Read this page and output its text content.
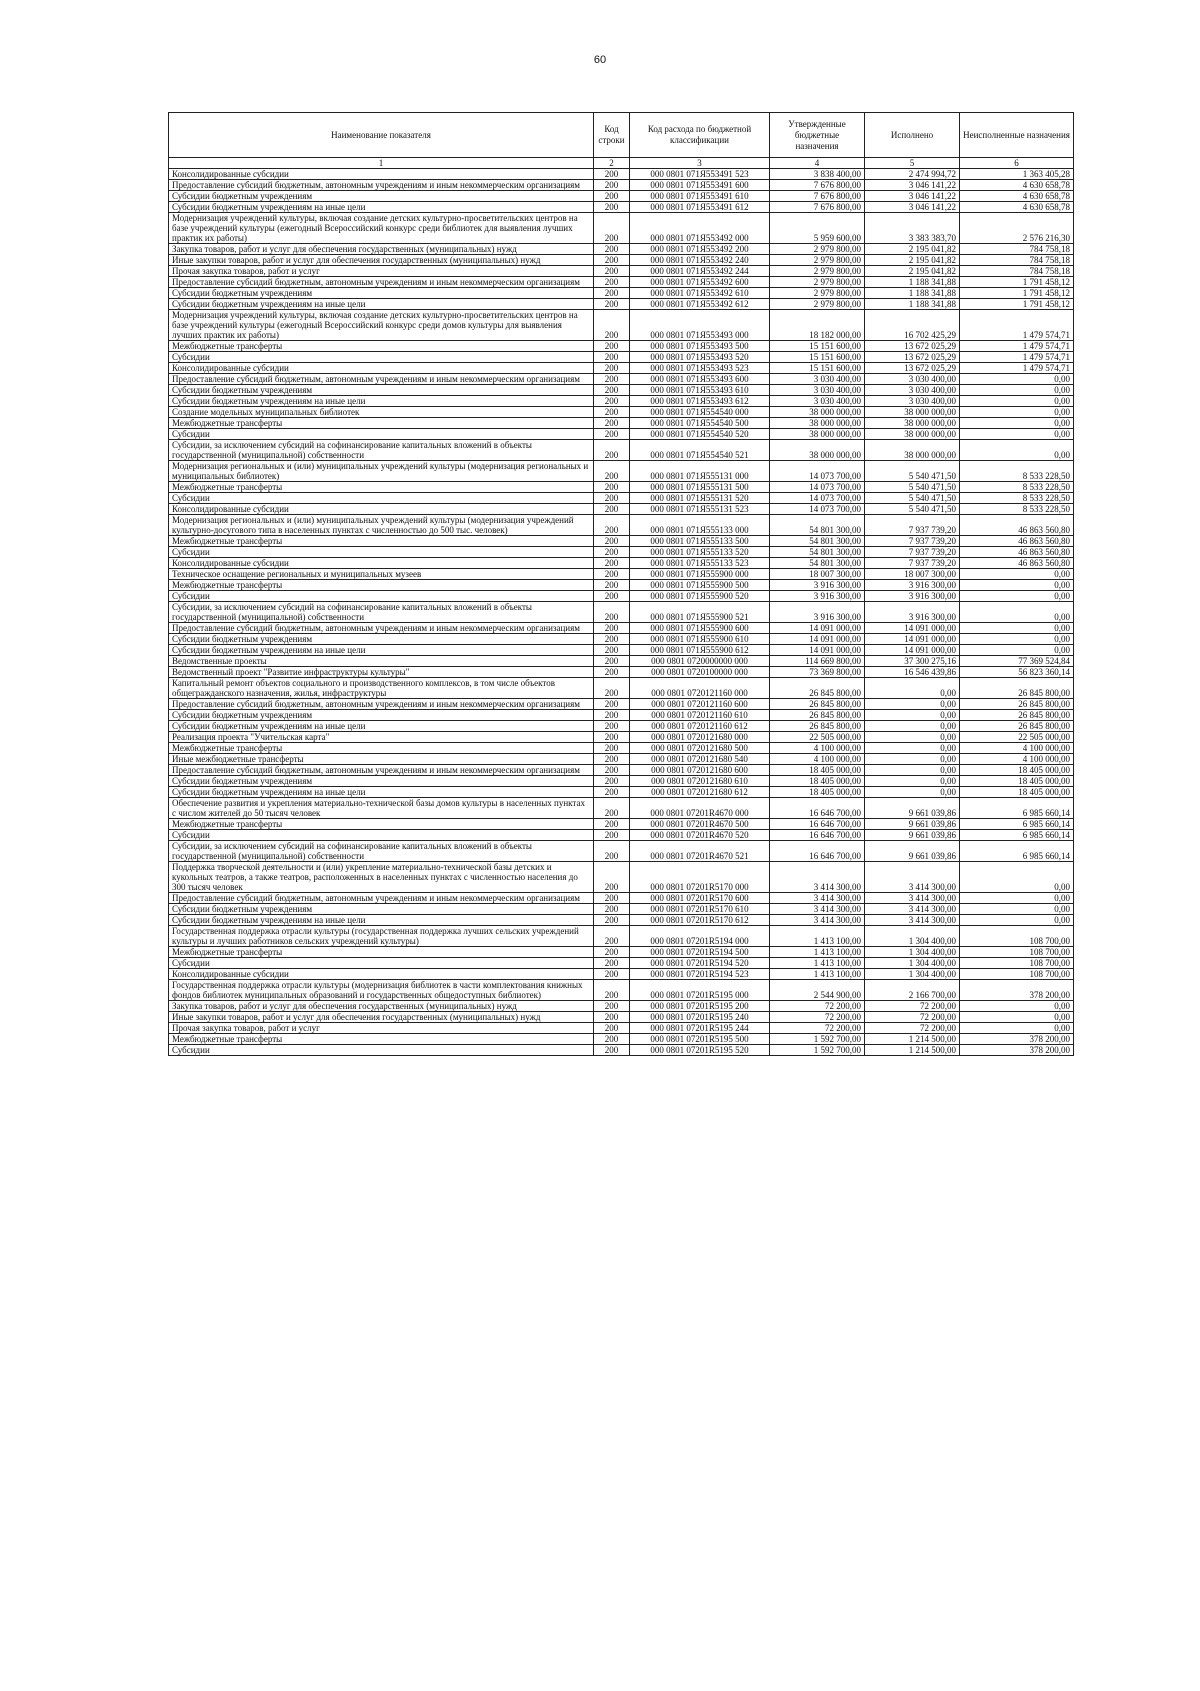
60
Наименование показателя	Код строки	Код расхода по бюджетной классификации	Утвержденные бюджетные назначения	Исполнено	Неисполненные назначения
1	2	3	4	5	6
Консолидированные субсидии	200	000 0801 071Я553491 523	3 838 400,00	2 474 994,72	1 363 405,28
Предоставление субсидий бюджетным, автономным учреждениям и иным некоммерческим организациям	200	000 0801 071Я553491 600	7 676 800,00	3 046 141,22	4 630 658,78
Субсидии бюджетным учреждениям	200	000 0801 071Я553491 610	7 676 800,00	3 046 141,22	4 630 658,78
Субсидии бюджетным учреждениям на иные цели	200	000 0801 071Я553491 612	7 676 800,00	3 046 141,22	4 630 658,78
Модернизация учреждений культуры, включая создание детских культурно-просветительских центров на базе учреждений культуры (ежегодный Всероссийский конкурс среди библиотек для выявления лучших практик их работы)	200	000 0801 071Я553492 000	5 959 600,00	3 383 383,70	2 576 216,30
Закупка товаров, работ и услуг для обеспечения государственных (муниципальных) нужд	200	000 0801 071Я553492 200	2 979 800,00	2 195 041,82	784 758,18
Иные закупки товаров, работ и услуг для обеспечения государственных (муниципальных) нужд	200	000 0801 071Я553492 240	2 979 800,00	2 195 041,82	784 758,18
Прочая закупка товаров, работ и услуг	200	000 0801 071Я553492 244	2 979 800,00	2 195 041,82	784 758,18
Предоставление субсидий бюджетным, автономным учреждениям и иным некоммерческим организациям	200	000 0801 071Я553492 600	2 979 800,00	1 188 341,88	1 791 458,12
Субсидии бюджетным учреждениям	200	000 0801 071Я553492 610	2 979 800,00	1 188 341,88	1 791 458,12
Субсидии бюджетным учреждениям на иные цели	200	000 0801 071Я553492 612	2 979 800,00	1 188 341,88	1 791 458,12
Модернизация учреждений культуры, включая создание детских культурно-просветительских центров на базе учреждений культуры (ежегодный Всероссийский конкурс среди домов культуры для выявления лучших практик их работы)	200	000 0801 071Я553493 000	18 182 000,00	16 702 425,29	1 479 574,71
Межбюджетные трансферты	200	000 0801 071Я553493 500	15 151 600,00	13 672 025,29	1 479 574,71
Субсидии	200	000 0801 071Я553493 520	15 151 600,00	13 672 025,29	1 479 574,71
Консолидированные субсидии	200	000 0801 071Я553493 523	15 151 600,00	13 672 025,29	1 479 574,71
Предоставление субсидий бюджетным, автономным учреждениям и иным некоммерческим организациям	200	000 0801 071Я553493 600	3 030 400,00	3 030 400,00	0,00
Субсидии бюджетным учреждениям	200	000 0801 071Я553493 610	3 030 400,00	3 030 400,00	0,00
Субсидии бюджетным учреждениям на иные цели	200	000 0801 071Я553493 612	3 030 400,00	3 030 400,00	0,00
Создание модельных муниципальных библиотек	200	000 0801 071Я554540 000	38 000 000,00	38 000 000,00	0,00
Межбюджетные трансферты	200	000 0801 071Я554540 500	38 000 000,00	38 000 000,00	0,00
Субсидии	200	000 0801 071Я554540 520	38 000 000,00	38 000 000,00	0,00
Субсидии, за исключением субсидий на софинансирование капитальных вложений в объекты государственной (муниципальной) собственности	200	000 0801 071Я554540 521	38 000 000,00	38 000 000,00	0,00
Модернизация региональных и (или) муниципальных учреждений культуры (модернизация региональных и муниципальных библиотек)	200	000 0801 071Я555131 000	14 073 700,00	5 540 471,50	8 533 228,50
Межбюджетные трансферты	200	000 0801 071Я555131 500	14 073 700,00	5 540 471,50	8 533 228,50
Субсидии	200	000 0801 071Я555131 520	14 073 700,00	5 540 471,50	8 533 228,50
Консолидированные субсидии	200	000 0801 071Я555131 523	14 073 700,00	5 540 471,50	8 533 228,50
Модернизация региональных и (или) муниципальных учреждений культуры (модернизация учреждений культурно-досугового типа в населенных пунктах с численностью до 500 тыс. человек)	200	000 0801 071Я555133 000	54 801 300,00	7 937 739,20	46 863 560,80
Межбюджетные трансферты	200	000 0801 071Я555133 500	54 801 300,00	7 937 739,20	46 863 560,80
Субсидии	200	000 0801 071Я555133 520	54 801 300,00	7 937 739,20	46 863 560,80
Консолидированные субсидии	200	000 0801 071Я555133 523	54 801 300,00	7 937 739,20	46 863 560,80
Техническое оснащение региональных и муниципальных музеев	200	000 0801 071Я555900 000	18 007 300,00	18 007 300,00	0,00
Межбюджетные трансферты	200	000 0801 071Я555900 500	3 916 300,00	3 916 300,00	0,00
Субсидии	200	000 0801 071Я555900 520	3 916 300,00	3 916 300,00	0,00
Субсидии, за исключением субсидий на софинансирование капитальных вложений в объекты государственной (муниципальной) собственности	200	000 0801 071Я555900 521	3 916 300,00	3 916 300,00	0,00
Предоставление субсидий бюджетным, автономным учреждениям и иным некоммерческим организациям	200	000 0801 071Я555900 600	14 091 000,00	14 091 000,00	0,00
Субсидии бюджетным учреждениям	200	000 0801 071Я555900 610	14 091 000,00	14 091 000,00	0,00
Субсидии бюджетным учреждениям на иные цели	200	000 0801 071Я555900 612	14 091 000,00	14 091 000,00	0,00
Ведомственные проекты	200	000 0801 0720000000 000	114 669 800,00	37 300 275,16	77 369 524,84
Ведомственный проект "Развитие инфраструктуры культуры"	200	000 0801 0720100000 000	73 369 800,00	16 546 439,86	56 823 360,14
Капитальный ремонт объектов социального и производственного комплексов, в том числе объектов общегражданского назначения, жилья, инфраструктуры	200	000 0801 0720121160 000	26 845 800,00	0,00	26 845 800,00
Предоставление субсидий бюджетным, автономным учреждениям и иным некоммерческим организациям	200	000 0801 0720121160 600	26 845 800,00	0,00	26 845 800,00
Субсидии бюджетным учреждениям	200	000 0801 0720121160 610	26 845 800,00	0,00	26 845 800,00
Субсидии бюджетным учреждениям на иные цели	200	000 0801 0720121160 612	26 845 800,00	0,00	26 845 800,00
Реализация проекта "Учительская карта"	200	000 0801 0720121680 000	22 505 000,00	0,00	22 505 000,00
Межбюджетные трансферты	200	000 0801 0720121680 500	4 100 000,00	0,00	4 100 000,00
Иные межбюджетные трансферты	200	000 0801 0720121680 540	4 100 000,00	0,00	4 100 000,00
Предоставление субсидий бюджетным, автономным учреждениям и иным некоммерческим организациям	200	000 0801 0720121680 600	18 405 000,00	0,00	18 405 000,00
Субсидии бюджетным учреждениям	200	000 0801 0720121680 610	18 405 000,00	0,00	18 405 000,00
Субсидии бюджетным учреждениям на иные цели	200	000 0801 0720121680 612	18 405 000,00	0,00	18 405 000,00
Обеспечение развития и укрепления материально-технической базы домов культуры в населенных пунктах с числом жителей до 50 тысяч человек	200	000 0801 07201R4670 000	16 646 700,00	9 661 039,86	6 985 660,14
Межбюджетные трансферты	200	000 0801 07201R4670 500	16 646 700,00	9 661 039,86	6 985 660,14
Субсидии	200	000 0801 07201R4670 520	16 646 700,00	9 661 039,86	6 985 660,14
Субсидии, за исключением субсидий на софинансирование капитальных вложений в объекты государственной (муниципальной) собственности	200	000 0801 07201R4670 521	16 646 700,00	9 661 039,86	6 985 660,14
Поддержка творческой деятельности и (или) укрепление материально-технической базы детских и кукольных театров, а также театров, расположенных в населенных пунктах с численностью населения до 300 тысяч человек	200	000 0801 07201R5170 000	3 414 300,00	3 414 300,00	0,00
Предоставление субсидий бюджетным, автономным учреждениям и иным некоммерческим организациям	200	000 0801 07201R5170 600	3 414 300,00	3 414 300,00	0,00
Субсидии бюджетным учреждениям	200	000 0801 07201R5170 610	3 414 300,00	3 414 300,00	0,00
Субсидии бюджетным учреждениям на иные цели	200	000 0801 07201R5170 612	3 414 300,00	3 414 300,00	0,00
Государственная поддержка отрасли культуры (государственная поддержка лучших сельских учреждений культуры и лучших работников сельских учреждений культуры)	200	000 0801 07201R5194 000	1 413 100,00	1 304 400,00	108 700,00
Межбюджетные трансферты	200	000 0801 07201R5194 500	1 413 100,00	1 304 400,00	108 700,00
Субсидии	200	000 0801 07201R5194 520	1 413 100,00	1 304 400,00	108 700,00
Консолидированные субсидии	200	000 0801 07201R5194 523	1 413 100,00	1 304 400,00	108 700,00
Государственная поддержка отрасли культуры (модернизация библиотек в части комплектования книжных фондов библиотек муниципальных образований и государственных общедоступных библиотек)	200	000 0801 07201R5195 000	2 544 900,00	2 166 700,00	378 200,00
Закупка товаров, работ и услуг для обеспечения государственных (муниципальных) нужд	200	000 0801 07201R5195 200	72 200,00	72 200,00	0,00
Иные закупки товаров, работ и услуг для обеспечения государственных (муниципальных) нужд	200	000 0801 07201R5195 240	72 200,00	72 200,00	0,00
Прочая закупка товаров, работ и услуг	200	000 0801 07201R5195 244	72 200,00	72 200,00	0,00
Межбюджетные трансферты	200	000 0801 07201R5195 500	1 592 700,00	1 214 500,00	378 200,00
Субсидии	200	000 0801 07201R5195 520	1 592 700,00	1 214 500,00	378 200,00
